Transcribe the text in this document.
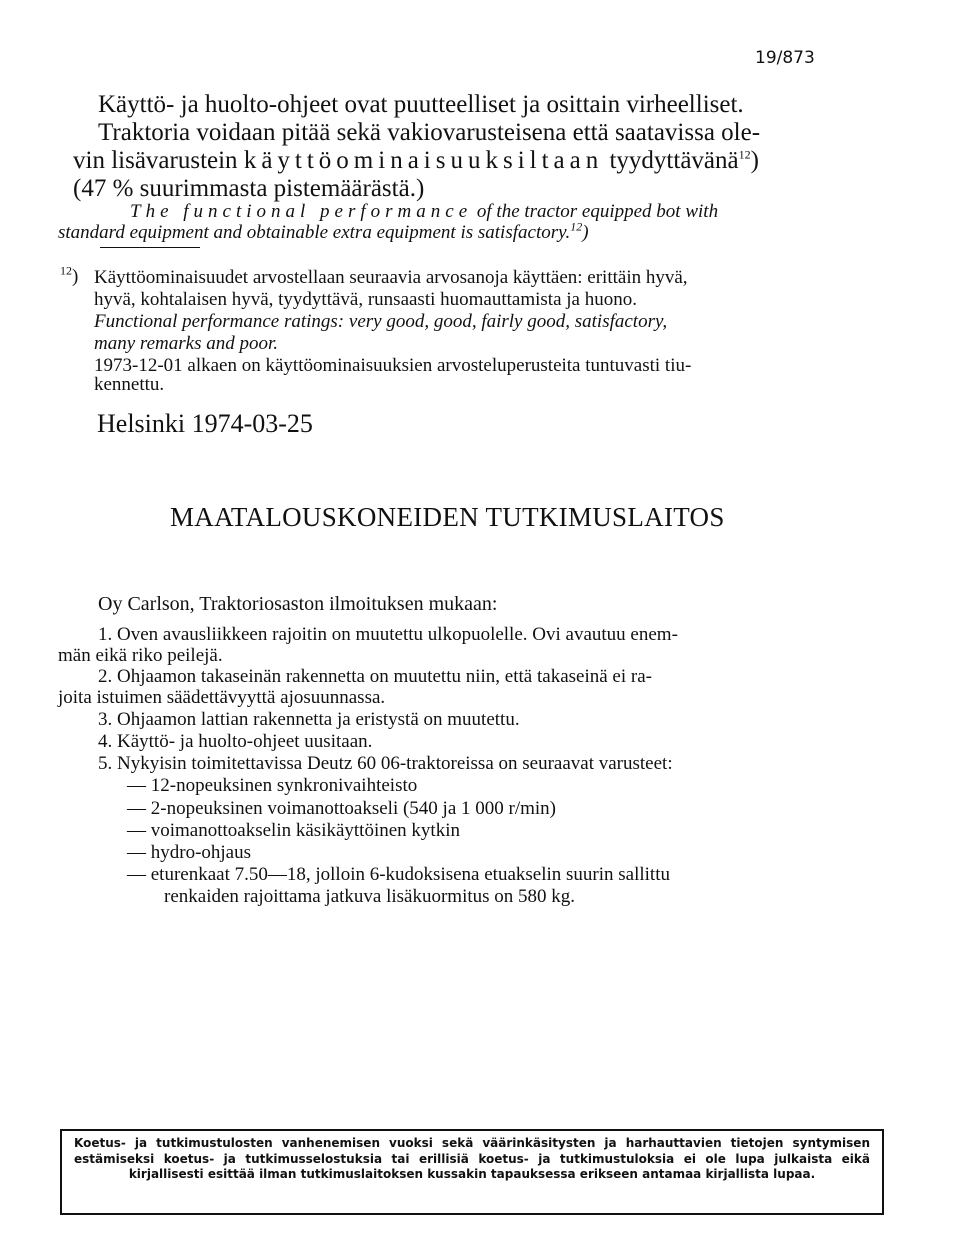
19/873
Käyttö- ja huolto-ohjeet ovat puutteelliset ja osittain virheelliset.
Traktoria voidaan pitää sekä vakiovarusteisena että saatavissa ole-
vin lisävarustein käyttöominaisuuksiltaan tyydyttävänä$^{12}$)
(47 % suurimmasta pistemäärästä.)
The functional performance of the tractor equipped bot with
standard equipment and obtainable extra equipment is satisfactory.$^{12}$)
$^{12}$) Käyttöominaisuudet arvostellaan seuraavia arvosanoja käyttäen: erittäin hyvä,
hyvä, kohtalaisen hyvä, tyydyttävä, runsaasti huomauttamista ja huono.
Functional performance ratings: very good, good, fairly good, satisfactory,
many remarks and poor.
1973-12-01 alkaen on käyttöominaisuuksien arvosteluperusteita tuntuvasti tiu-
kennettu.
Helsinki 1974-03-25
MAATALOUSKONEIDEN TUTKIMUSLAITOS
Oy Carlson, Traktoriosaston ilmoituksen mukaan:
1. Oven avausliikkeen rajoitin on muutettu ulkopuolelle. Ovi avautuu enem-
män eikä riko peilejä.
2. Ohjaamon takaseinän rakennetta on muutettu niin, että takaseinä ei ra-
joita istuimen säädettävyyttä ajosuunnassa.
3. Ohjaamon lattian rakennetta ja eristystä on muutettu.
4. Käyttö- ja huolto-ohjeet uusitaan.
5. Nykyisin toimitettavissa Deutz 60 06-traktoreissa on seuraavat varusteet:
— 12-nopeuksinen synkronivaihteisto
— 2-nopeuksinen voimanottoakseli (540 ja 1 000 r/min)
— voimanottoakselin käsikäyttöinen kytkin
— hydro-ohjaus
— eturenkaat 7.50—18, jolloin 6-kudoksisena etuakselin suurin sallittu
renkaiden rajoittama jatkuva lisäkuormitus on 580 kg.
Koetus- ja tutkimustulosten vanhenemisen vuoksi sekä väärinkäsitysten ja harhauttavien tietojen syntymisen estämiseksi koetus- ja tutkimusselostuksia tai erillisiä koetus- ja tutkimustuloksia ei ole lupa julkaista eikä kirjallisesti esittää ilman tutkimuslaitoksen kussakin tapauksessa erikseen antamaa kirjallista lupaa.
